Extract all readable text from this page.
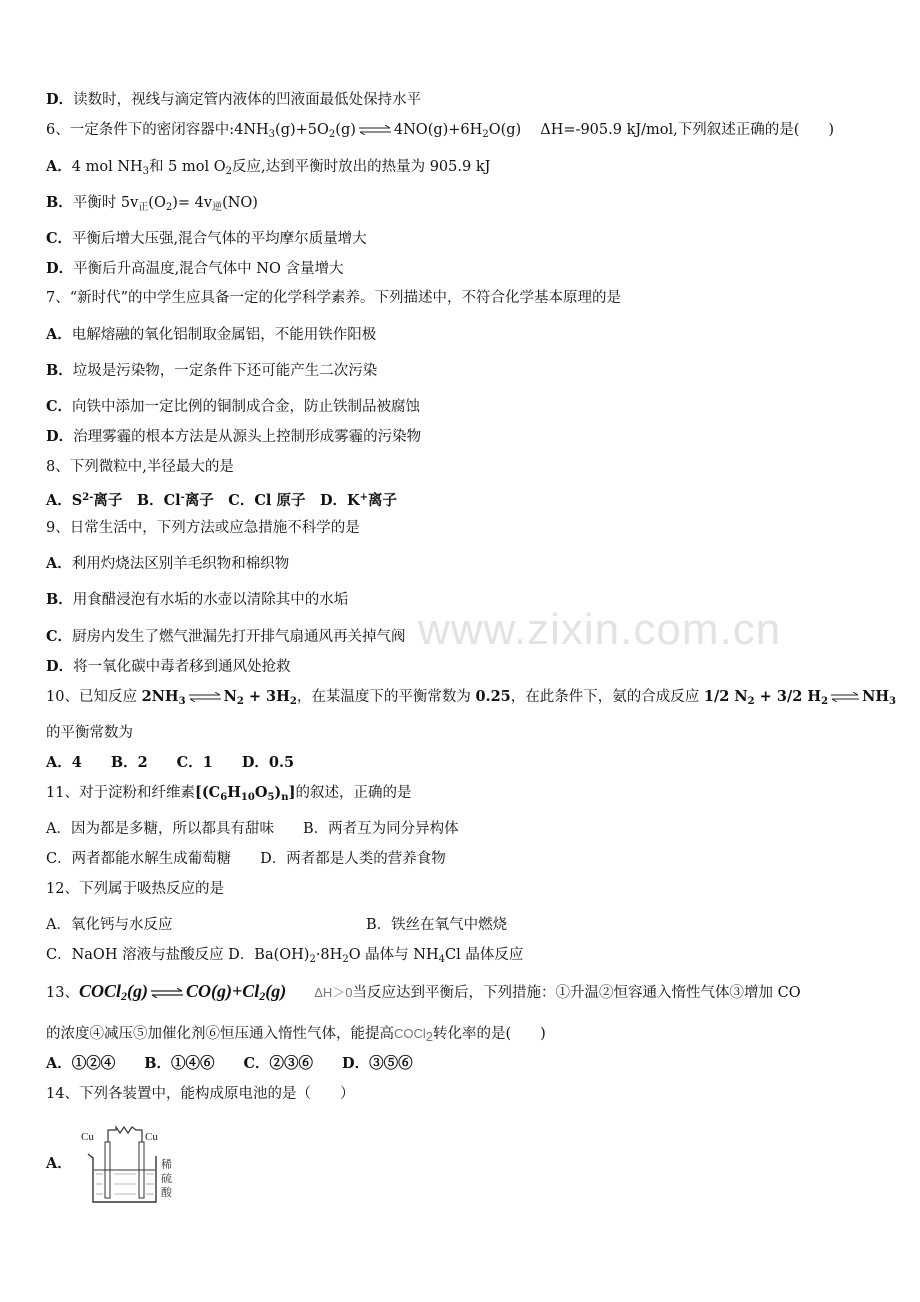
www.zixin.com.cn
D．读数时，视线与滴定管内液体的凹液面最低处保持水平
6、一定条件下的密闭容器中$:4NH_3(g)+5O_2(g)$ ⇌ $4NO(g)+6H_2O(g)$　 ΔH=-905.9 kJ/mol,下列叙述正确的是(　　)
A．4 mol $NH_3$和 5 mol $O_2$反应,达到平衡时放出的热量为 905.9 kJ
B．平衡时 $5v_正(O_2)= 4v_逆(NO)$
C．平衡后增大压强,混合气体的平均摩尔质量增大
D．平衡后升高温度,混合气体中 NO 含量增大
7、“新时代”的中学生应具备一定的化学科学素养。下列描述中，不符合化学基本原理的是
A．电解熔融的氧化铝制取金属铝，不能用铁作阳极
B．垃圾是污染物，一定条件下还可能产生二次污染
C．向铁中添加一定比例的铜制成合金，防止铁制品被腐蚀
D．治理雾霾的根本方法是从源头上控制形成雾霾的污染物
8、下列微粒中,半径最大的是
A．$S^{2-}$离子　B．Cl-离子　C．Cl 原子　D．K+离子
9、日常生活中，下列方法或应急措施不科学的是
A．利用灼烧法区别羊毛织物和棉织物
B．用食醋浸泡有水垢的水壶以清除其中的水垢
C．厨房内发生了燃气泄漏先打开排气扇通风再关掉气阀
D．将一氧化碳中毒者移到通风处抢救
10、已知反应 $2NH_3$ ⇌ $N_2 + 3H_2$，在某温度下的平衡常数为 0.25，在此条件下，氨的合成反应 1/2 $N_2 + 3/2$ $H_2$ ⇌ $NH_3$
的平衡常数为
A．4　　B．2　　C．1　　D．0.5
11、对于淀粉和纤维素$[(C_6H_{10}O_5)_n]$的叙述，正确的是
A．因为都是多糖，所以都具有甜味　　B．两者互为同分异构体
C．两者都能水解生成葡萄糖　　D．两者都是人类的营养食物
12、下列属于吸热反应的是
A．氧化钙与水反应	B．铁丝在氧气中燃烧
C．NaOH 溶液与盐酸反应 D．$Ba(OH)_2\cdot 8H_2O$ 晶体与 $NH_4Cl$ 晶体反应
13、COCl$_2$(g) ⇌ $CO(g)+Cl_2(g)$ ΔH＞0当反应达到平衡后，下列措施：①升温②恒容通入惰性气体③增加 CO
的浓度④减压⑤加催化剂⑥恒压通入惰性气体，能提高COCl$_2$转化率的是(　　)
A．①②④　　B．①④⑥　　C．②③⑥　　D．③⑤⑥
14、下列各装置中，能构成原电池的是（　　）
A．
Cu	Cu
稀硫酸
